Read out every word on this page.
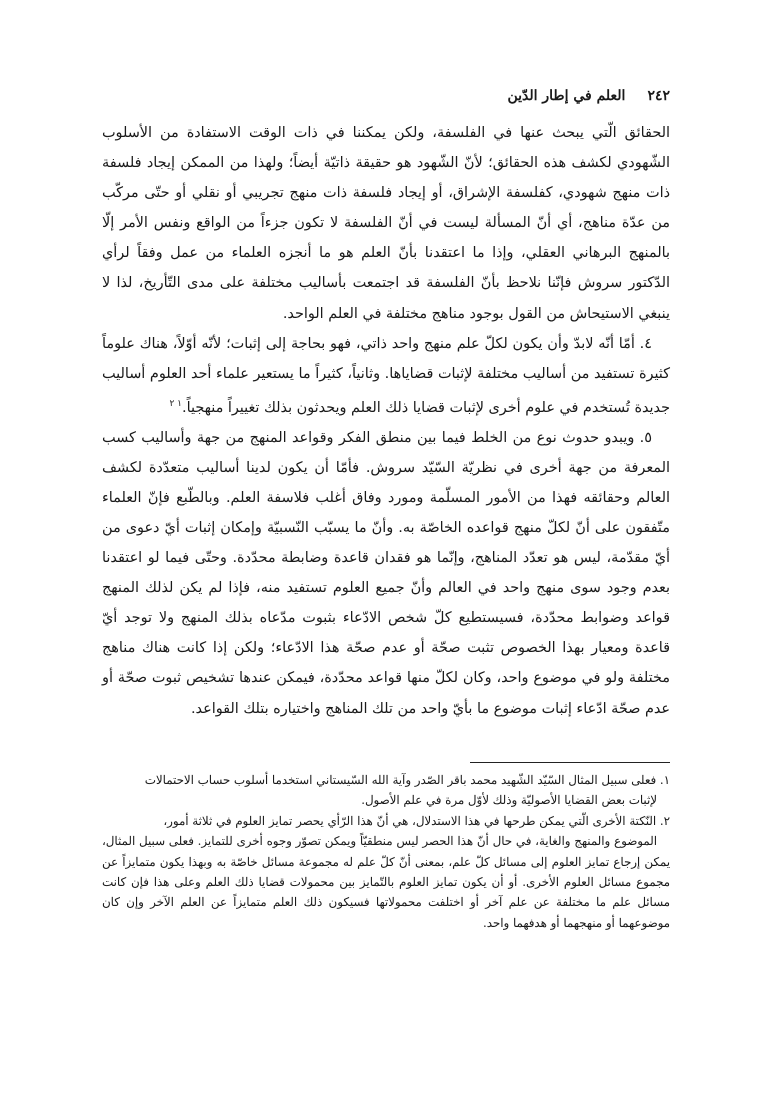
٢٤٢العلم في إطار الدّين

الحقائق الّتي يبحث عنها في الفلسفة، ولكن يمكننا في ذات الوقت الاستفادة من الأسلوب الشّهودي لكشف هذه الحقائق؛ لأنّ الشّهود هو حقيقة ذاتيّة أيضاً؛ ولهذا من الممكن إيجاد فلسفة ذات منهج شهودي، كفلسفة الإشراق، أو إيجاد فلسفة ذات منهج تجريبي أو نقلي أو حتّى مركّب من عدّة مناهج، أي أنّ المسألة ليست في أنّ الفلسفة لا تكون جزءاً من الواقع ونفس الأمر إلّا بالمنهج البرهاني العقلي، وإذا ما اعتقدنا بأنّ العلم هو ما أنجزه العلماء من عمل وفقاً لرأي الدّكتور سروش فإنّنا نلاحظ بأنّ الفلسفة قد اجتمعت بأساليب مختلفة على مدى التّأريخ، لذا لا ينبغي الاستيحاش من القول بوجود مناهج مختلفة في العلم الواحد.

٤. أمّا أنّه لابدّ وأن يكون لكلّ علم منهج واحد ذاتي، فهو بحاجة إلى إثبات؛ لأنّه أوّلاً، هناك علوماً كثيرة تستفيد من أساليب مختلفة لإثبات قضاياها. وثانياً، كثيراً ما يستعير علماء أحد العلوم أساليب جديدة تُستخدم في علوم أخرى لإثبات قضايا ذلك العلم ويحدثون بذلك تغييراً منهجياً.$^{١ ٢}$

٥. ويبدو حدوث نوع من الخلط فيما بين منطق الفكر وقواعد المنهج من جهة وأساليب كسب المعرفة من جهة أخرى في نظريّة السّيّد سروش. فأمّا أن يكون لدينا أساليب متعدّدة لكشف العالم وحقائقه فهذا من الأمور المسلّمة ومورد وفاق أغلب فلاسفة العلم. وبالطّبع فإنّ العلماء متّفقون على أنّ لكلّ منهج قواعده الخاصّة به. وأنّ ما يسبّب النّسبيّة وإمكان إثبات أيّ دعوى من أيّ مقدّمة، ليس هو تعدّد المناهج، وإنّما هو فقدان قاعدة وضابطة محدّدة. وحتّى فيما لو اعتقدنا بعدم وجود سوى منهج واحد في العالم وأنّ جميع العلوم تستفيد منه، فإذا لم يكن لذلك المنهج قواعد وضوابط محدّدة، فسيستطيع كلّ شخص الادّعاء بثبوت مدّعاه بذلك المنهج ولا توجد أيّ قاعدة ومعيار بهذا الخصوص تثبت صحّة أو عدم صحّة هذا الادّعاء؛ ولكن إذا كانت هناك مناهج مختلفة ولو في موضوع واحد، وكان لكلّ منها قواعد محدّدة، فيمكن عندها تشخيص ثبوت صحّة أو عدم صحّة ادّعاء إثبات موضوع ما بأيّ واحد من تلك المناهج واختياره بتلك القواعد.

١. فعلى سبيل المثال السّيّد الشّهيد محمد باقر الصّدر وآية الله السّيستاني استخدما أسلوب حساب الاحتمالات
لإثبات بعض القضايا الأصوليّة وذلك لأوّل مرة في علم الأصول.

٢. النّكتة الأخرى الّتي يمكن طرحها في هذا الاستدلال، هي أنّ هذا الرّأي يحصر تمايز العلوم في ثلاثة أمور،
الموضوع والمنهج والغاية، في حال أنّ هذا الحصر ليس منطقيّاً ويمكن تصوّر وجوه أخرى للتمايز. فعلى سبيل المثال، يمكن إرجاع تمايز العلوم إلى مسائل كلّ علم، بمعنى أنّ كلّ علم له مجموعة مسائل خاصّة به وبهذا يكون متمايزاً عن مجموع مسائل العلوم الأخرى. أو أن يكون تمايز العلوم بالتّمايز بين محمولات قضايا ذلك العلم وعلى هذا فإن كانت مسائل علم ما مختلفة عن علم آخر أو اختلفت محمولاتها فسيكون ذلك العلم متمايزاً عن العلم الآخر وإن كان موضوعهما أو منهجهما أو هدفهما واحد.
